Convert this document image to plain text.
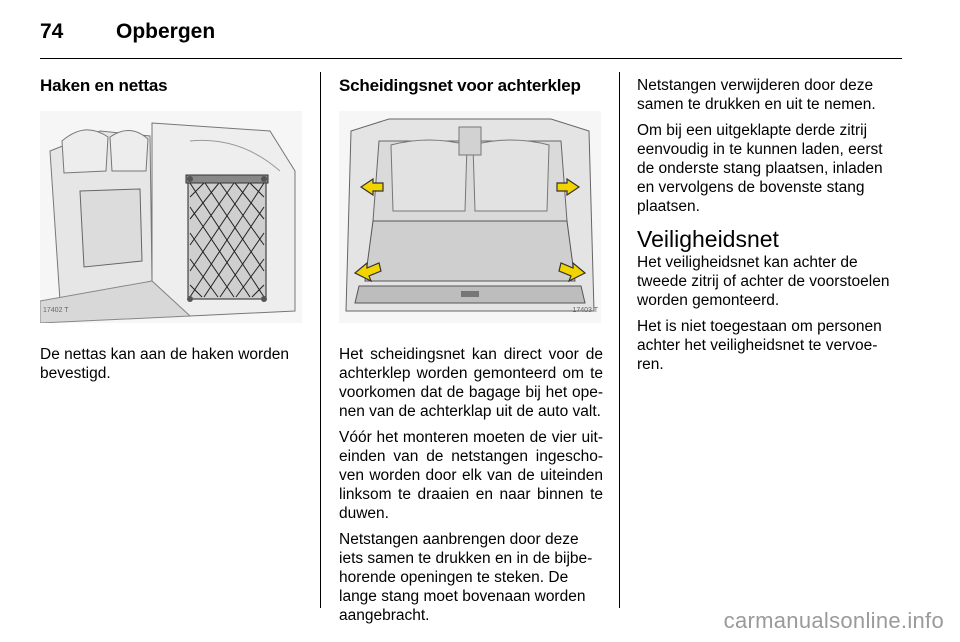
74	Opbergen
Haken en nettas
17402 T

De nettas kan aan de haken worden bevestigd.

Scheidingsnet voor achterklep
17403 T

Het scheidingsnet kan direct voor de achterklep worden gemonteerd om te voorkomen dat de bagage bij het ope-nen van de achterklap uit de auto valt.

Vóór het monteren moeten de vier uit-einden van de netstangen ingescho-ven worden door elk van de uiteinden linksom te draaien en naar binnen te duwen.

Netstangen aanbrengen door deze iets samen te drukken en in de bijbe-horende openingen te steken. De lange stang moet bovenaan worden aangebracht.

Netstangen verwijderen door deze samen te drukken en uit te nemen.

Om bij een uitgeklapte derde zitrij eenvoudig in te kunnen laden, eerst de onderste stang plaatsen, inladen en vervolgens de bovenste stang plaatsen.

Veiligheidsnet

Het veiligheidsnet kan achter de tweede zitrij of achter de voorstoelen worden gemonteerd.

Het is niet toegestaan om personen achter het veiligheidsnet te vervoe-ren.

carmanualsonline.info
